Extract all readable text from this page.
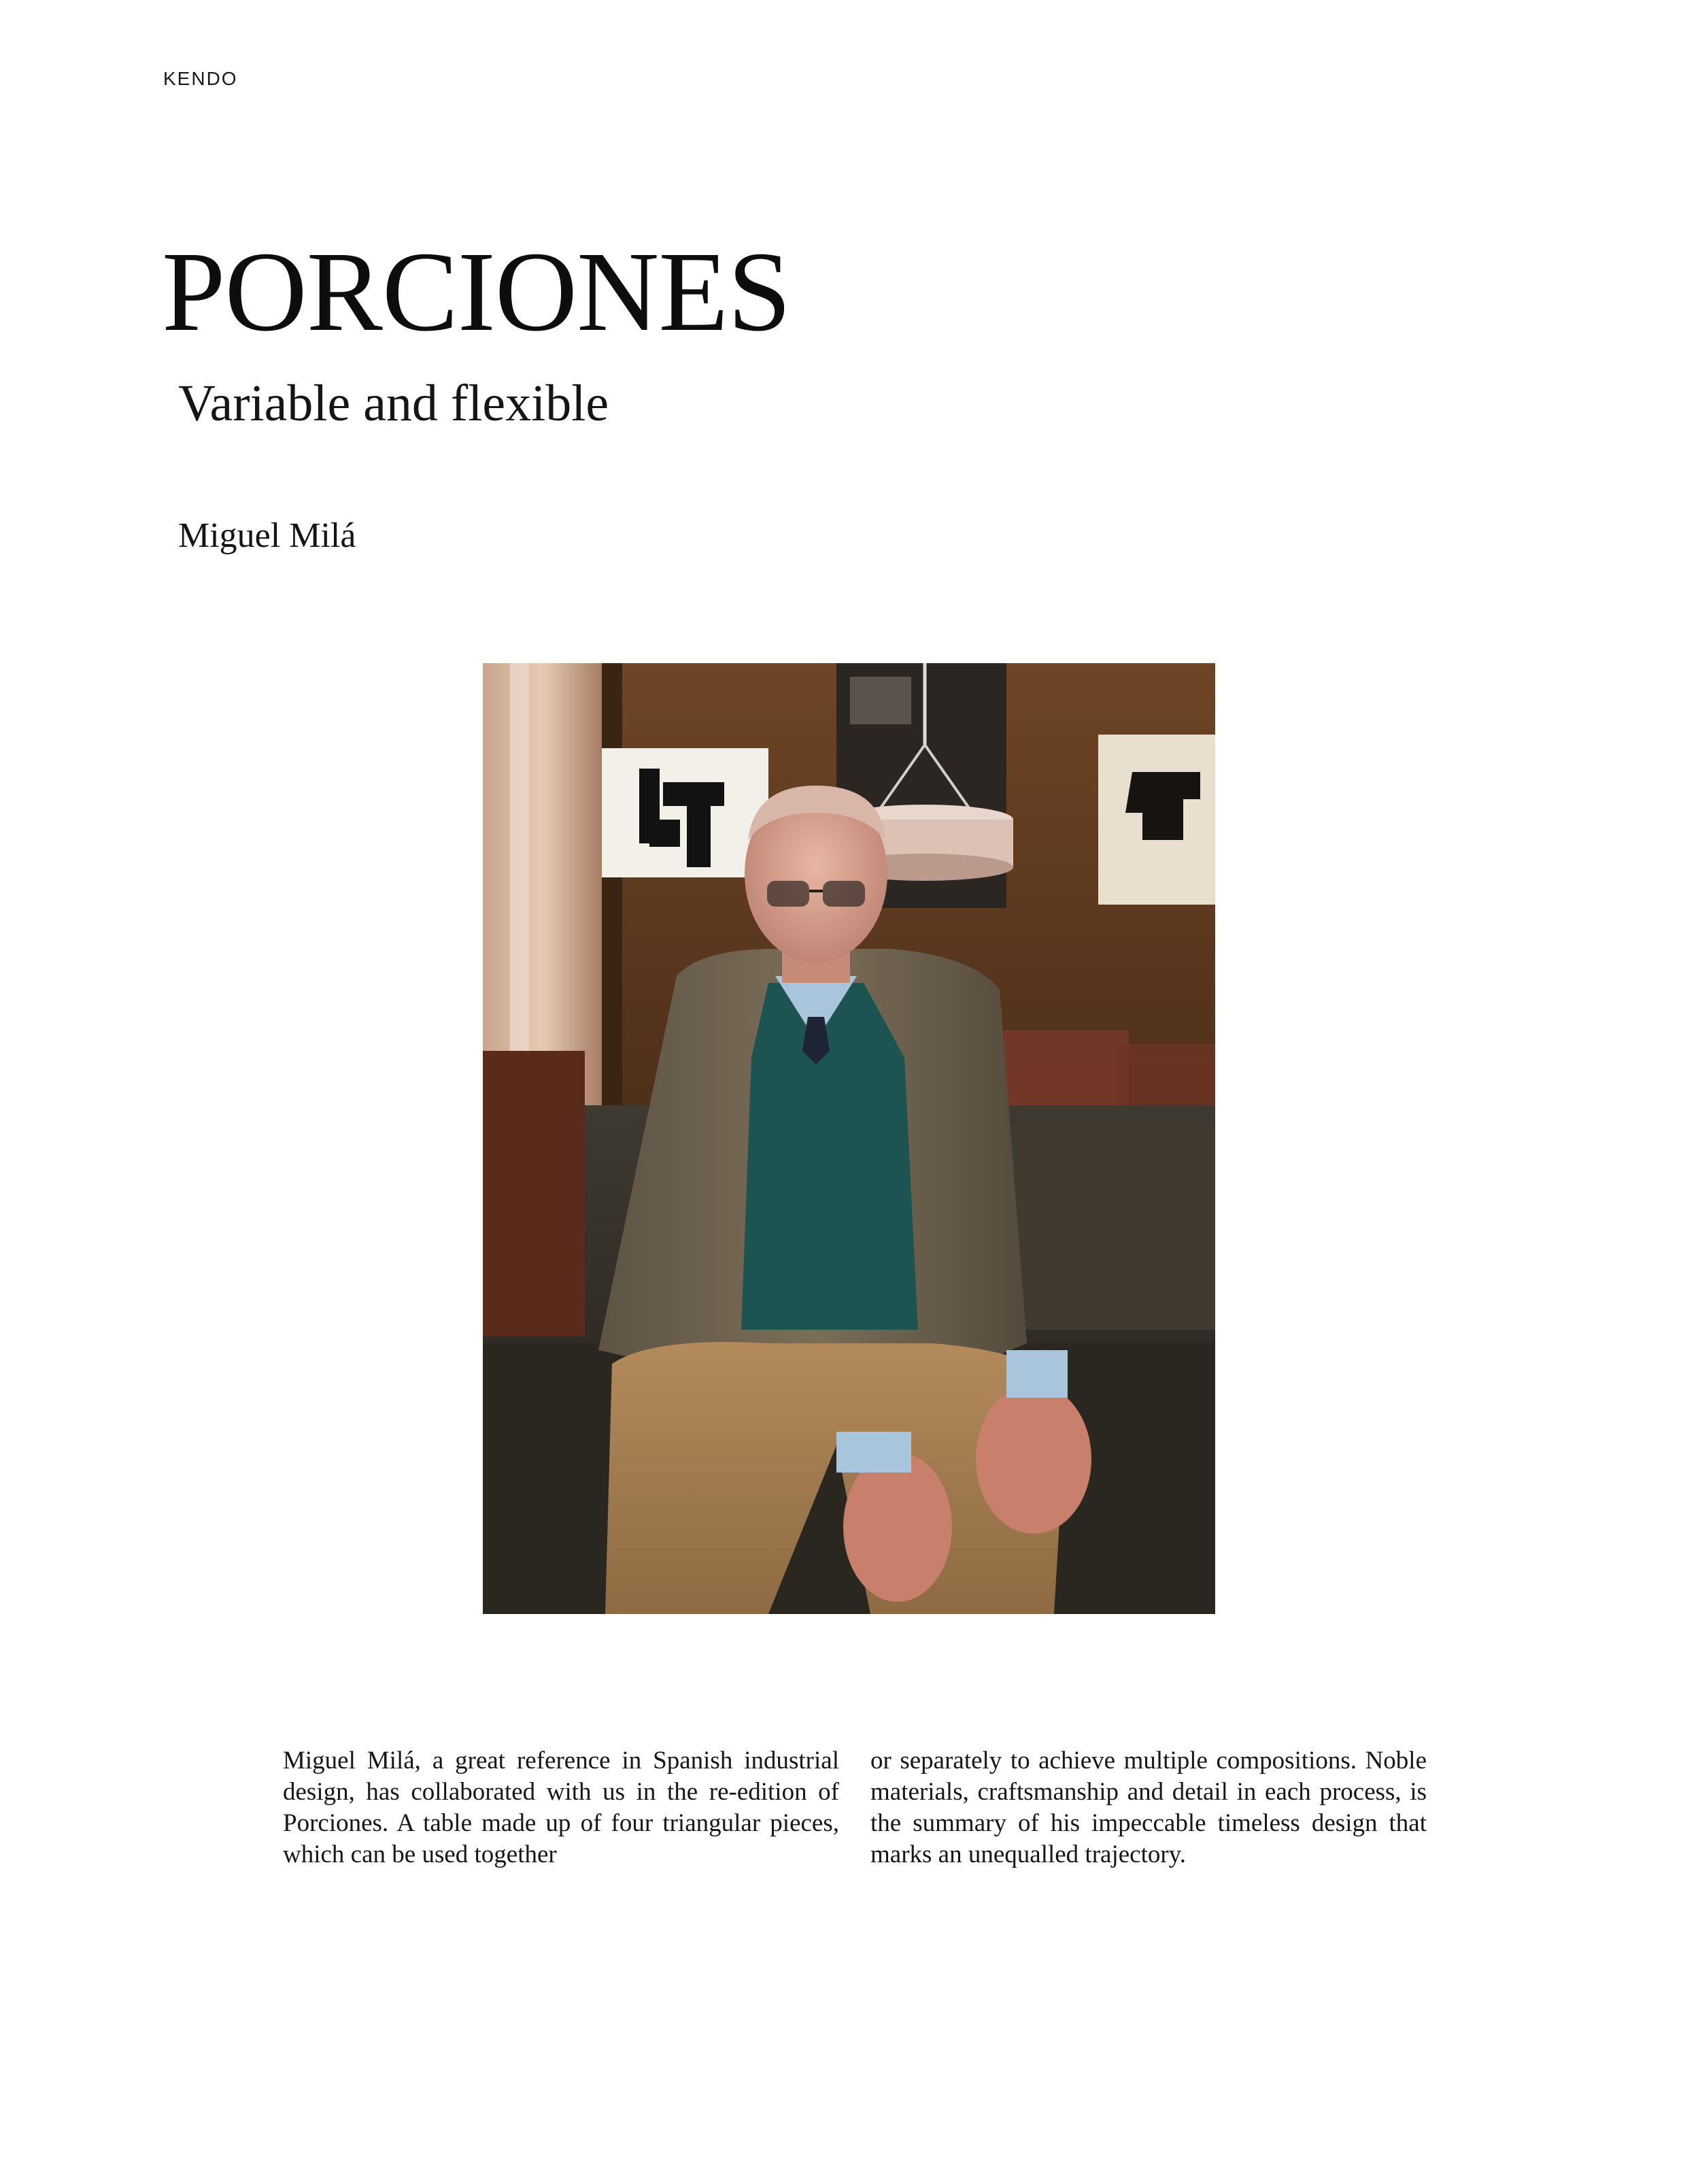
KENDO
PORCIONES
Variable and flexible
Miguel Milá

Miguel Milá, a great reference in Spanish industrial design, has collaborated with us in the re-edition of Porciones. A table made up of four triangular pieces, which can be used together

or separately to achieve multiple compositions. Noble materials, craftsmanship and detail in each process, is the summary of his impeccable timeless design that marks an unequalled trajectory.
